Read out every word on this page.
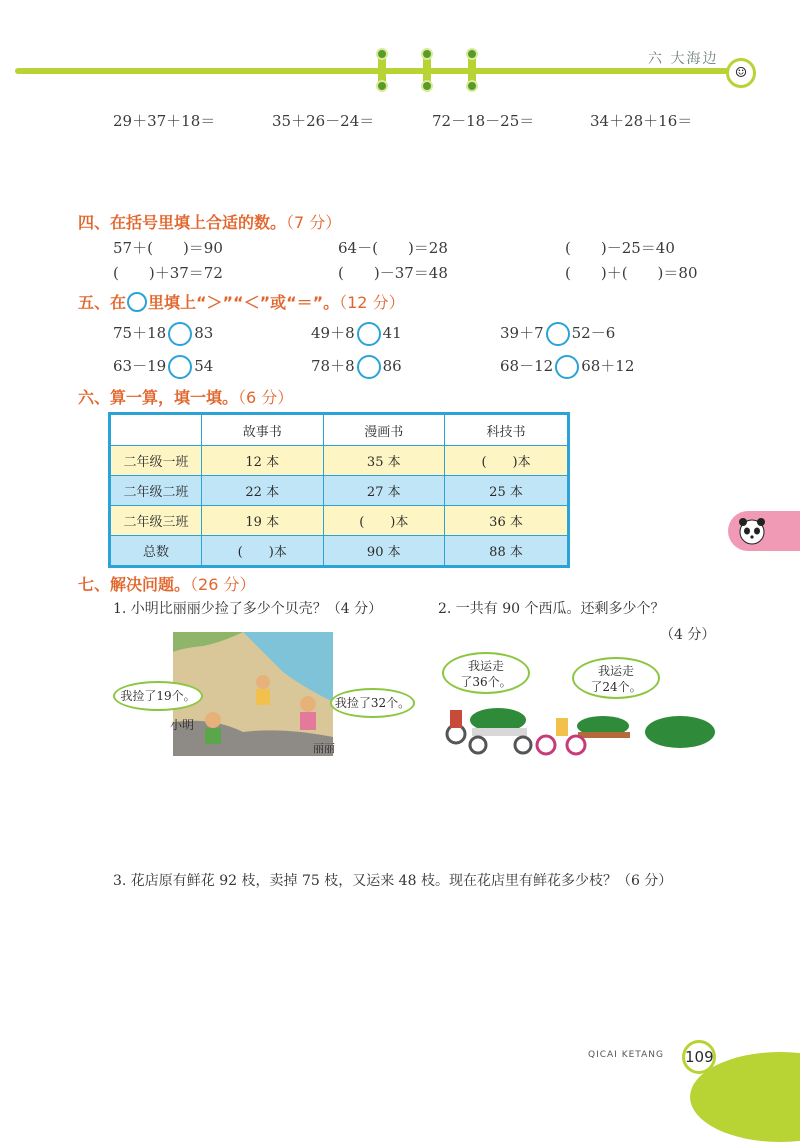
六 大海边
☺
29＋37＋18＝	35＋26－24＝	72－18－25＝	34＋28＋16＝
四、在括号里填上合适的数。（7 分）
57＋(　　)＝90	64－(　　)＝28	(　　)－25＝40
(　　)＋37＝72	(　　)－37＝48	(　　)＋(　　)＝80
五、在 里填上“＞”“＜”或“＝”。（12 分）
75＋18 83	49＋8 41	39＋7 52－6
63－19 54	78＋8 86	68－12 68＋12
六、算一算，填一填。（6 分）
	故事书	漫画书	科技书
二年级一班	12 本	35 本	(　　)本
二年级二班	22 本	27 本	25 本
二年级三班	19 本	(　　)本	36 本
总数	(　　)本	90 本	88 本
七、解决问题。（26 分）
1. 小明比丽丽少捡了多少个贝壳？（4 分）	2. 一共有 90 个西瓜。还剩多少个？
（4 分）
我捡了19个。	我捡了32个。
小明
丽丽
我运走
了36个。
我运走
了24个。
3. 花店原有鲜花 92 枝，卖掉 75 枝，又运来 48 枝。现在花店里有鲜花多少枝？（6 分）
QICAI KETANG 109
